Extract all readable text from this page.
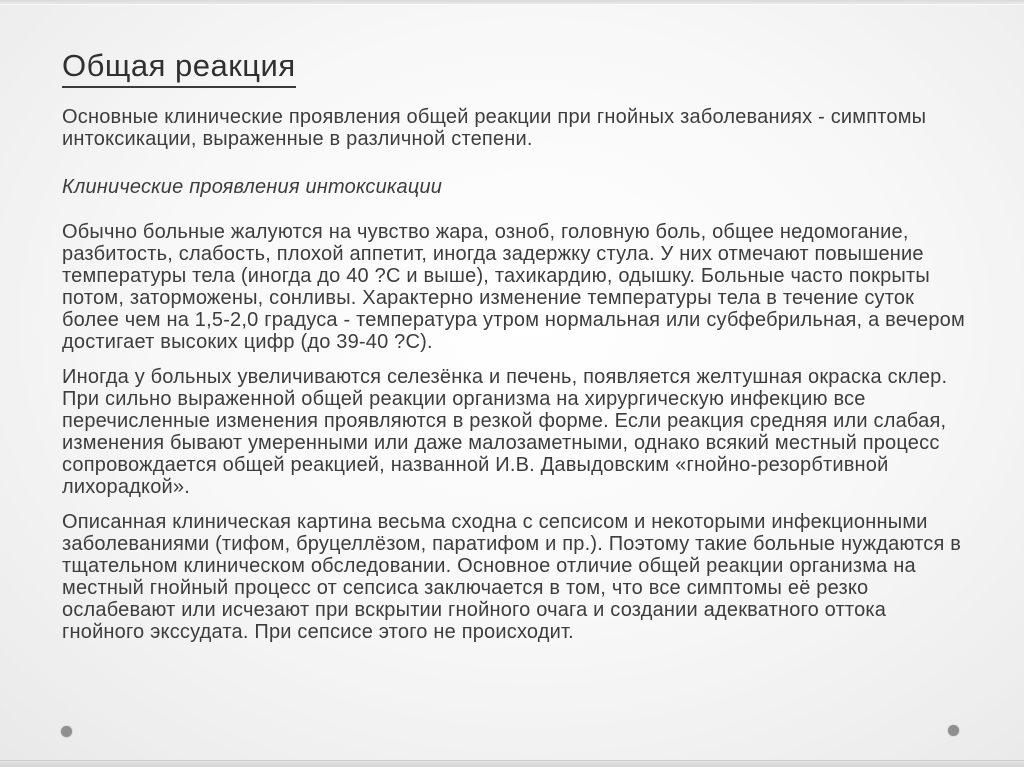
Общая реакция

Основные клинические проявления общей реакции при гнойных заболеваниях - симптомы интоксикации, выраженные в различной степени.

Клинические проявления интоксикации

Обычно больные жалуются на чувство жара, озноб, головную боль, общее недомогание, разбитость, слабость, плохой аппетит, иногда задержку стула. У них отмечают повышение температуры тела (иногда до 40 ?С и выше), тахикардию, одышку. Больные часто покрыты потом, заторможены, сонливы. Характерно изменение температуры тела в течение суток более чем на 1,5-2,0 градуса - температура утром нормальная или субфебрильная, а вечером достигает высоких цифр (до 39-40 ?С).

Иногда у больных увеличиваются селезёнка и печень, появляется желтушная окраска склер. При сильно выраженной общей реакции организма на хирургическую инфекцию все перечисленные изменения проявляются в резкой форме. Если реакция средняя или слабая, изменения бывают умеренными или даже малозаметными, однако всякий местный процесс сопровождается общей реакцией, названной И.В. Давыдовским «гнойно-резорбтивной лихорадкой».

Описанная клиническая картина весьма сходна с сепсисом и некоторыми инфекционными заболеваниями (тифом, бруцеллёзом, паратифом и пр.). Поэтому такие больные нуждаются в тщательном клиническом обследовании. Основное отличие общей реакции организма на местный гнойный процесс от сепсиса заключается в том, что все симптомы её резко ослабевают или исчезают при вскрытии гнойного очага и создании адекватного оттока гнойного экссудата. При сепсисе этого не происходит.
